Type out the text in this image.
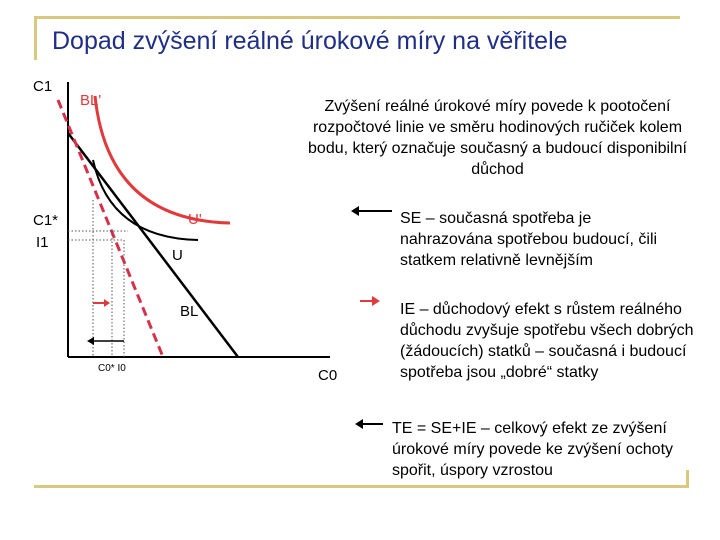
Dopad zvýšení reálné úrokové míry na věřitele
C1
C1*
I1
BL'
U'
U
BL
C0* I0	C0
Zvýšení reálné úrokové míry povede k pootočení rozpočtové linie ve směru hodinových ručiček kolem bodu, který označuje současný a budoucí disponibilní důchod
SE – současná spotřeba je nahrazována spotřebou budoucí, čili statkem relativně levnějším
IE – důchodový efekt s růstem reálného důchodu zvyšuje spotřebu všech dobrých (žádoucích) statků – současná i budoucí spotřeba jsou „dobré“ statky
TE = SE+IE – celkový efekt ze zvýšení úrokové míry povede ke zvýšení ochoty spořit, úspory vzrostou
